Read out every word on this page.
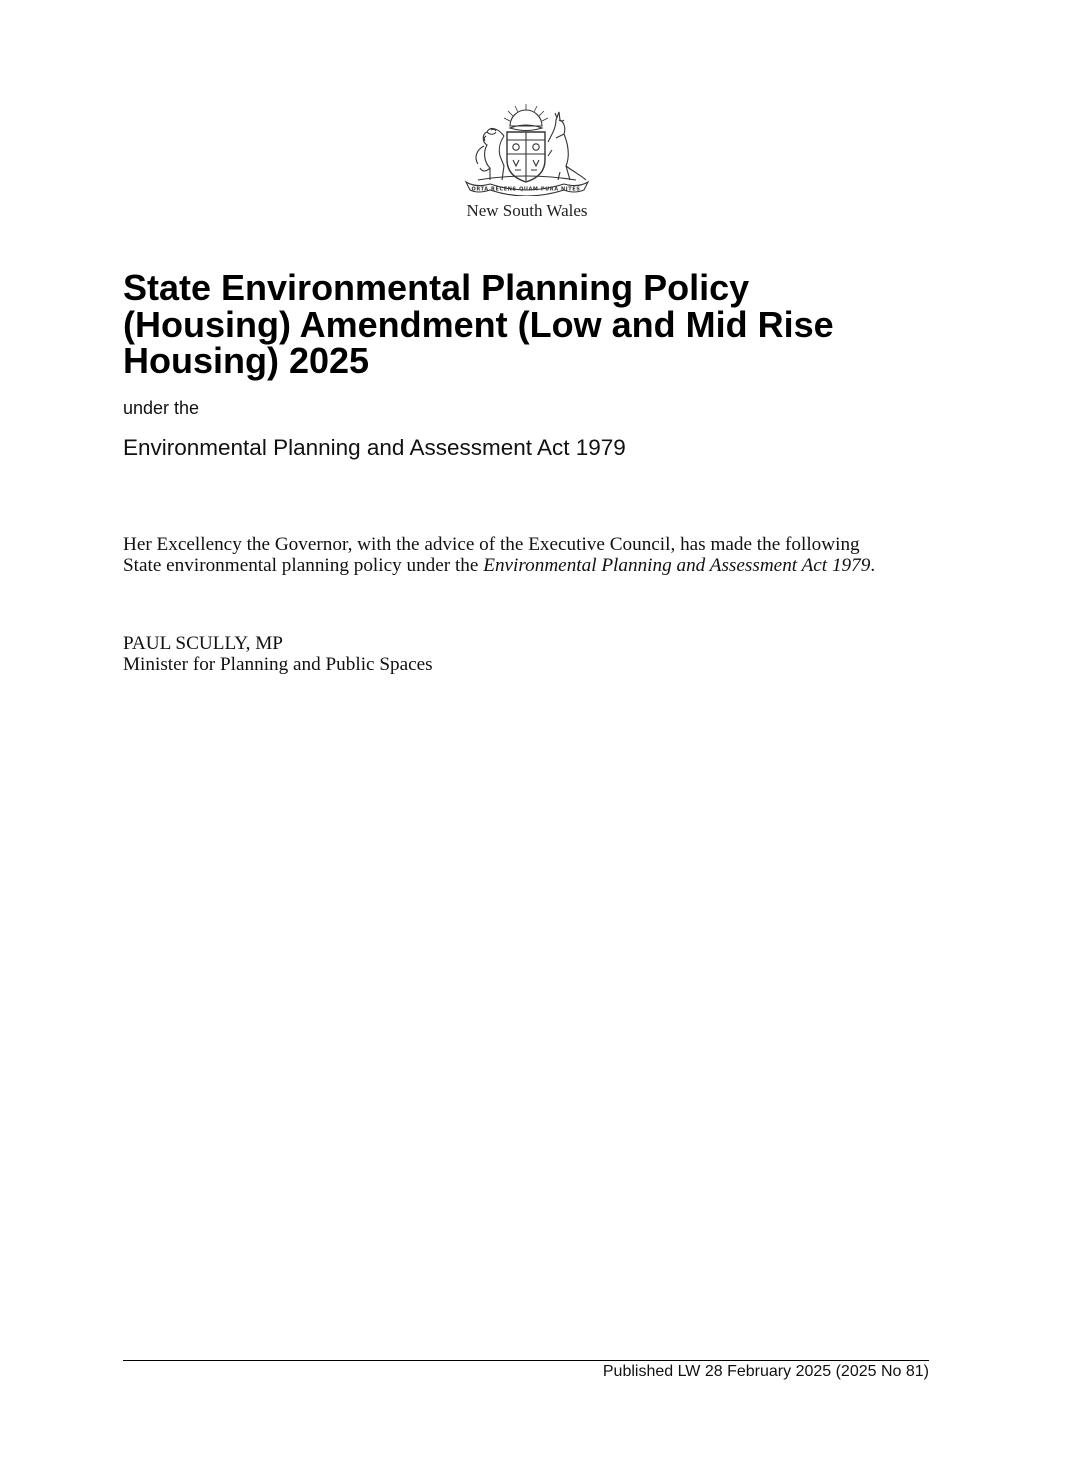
ORTA RECENS QUAM PURA NITES
New South Wales
State Environmental Planning Policy
(Housing) Amendment (Low and Mid Rise
Housing) 2025
under the
Environmental Planning and Assessment Act 1979
Her Excellency the Governor, with the advice of the Executive Council, has made the following
State environmental planning policy under the Environmental Planning and Assessment Act 1979.
PAUL SCULLY, MP
Minister for Planning and Public Spaces
Published LW 28 February 2025 (2025 No 81)
